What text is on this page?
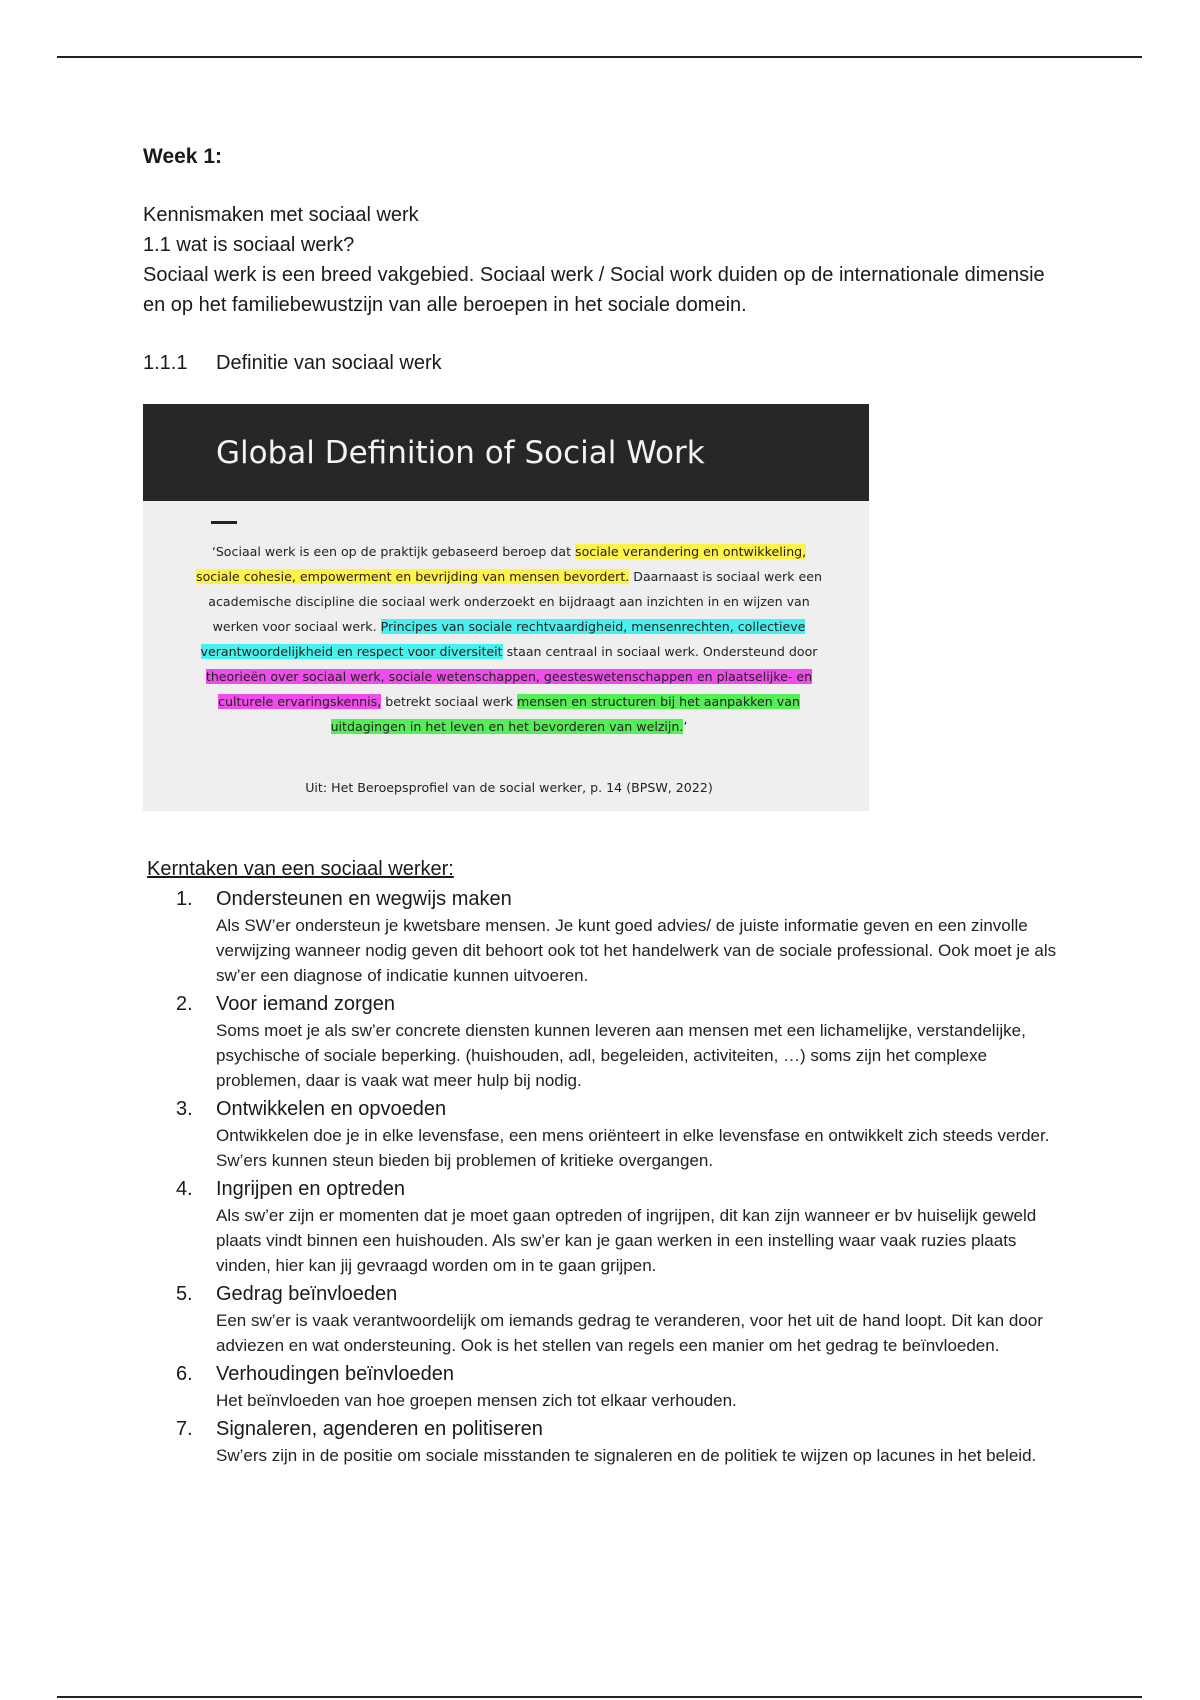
Week 1:

Kennismaken met sociaal werk

1.1 wat is sociaal werk?

Sociaal werk is een breed vakgebied. Sociaal werk / Social work duiden op de internationale dimensie en op het familiebewustzijn van alle beroepen in het sociale domein.

1.1.1	Definitie van sociaal werk
Global Definition of Social Work
‘Sociaal werk is een op de praktijk gebaseerd beroep dat sociale verandering en ontwikkeling, sociale cohesie, empowerment en bevrijding van mensen bevordert. Daarnaast is sociaal werk een academische discipline die sociaal werk onderzoekt en bijdraagt aan inzichten in en wijzen van werken voor sociaal werk. Principes van sociale rechtvaardigheid, mensenrechten, collectieve verantwoordelijkheid en respect voor diversiteit staan centraal in sociaal werk. Ondersteund door theorieën over sociaal werk, sociale wetenschappen, geesteswetenschappen en plaatselijke- en culturele ervaringskennis, betrekt sociaal werk mensen en structuren bij het aanpakken van uitdagingen in het leven en het bevorderen van welzijn.’
Uit: Het Beroepsprofiel van de social werker, p. 14 (BPSW, 2022)
Kerntaken van een sociaal werker:
1.	Ondersteunen en wegwijs maken
Als SW’er ondersteun je kwetsbare mensen. Je kunt goed advies/ de juiste informatie geven en een zinvolle verwijzing wanneer nodig geven dit behoort ook tot het handelwerk van de sociale professional. Ook moet je als sw’er een diagnose of indicatie kunnen uitvoeren.
2.	Voor iemand zorgen
Soms moet je als sw’er concrete diensten kunnen leveren aan mensen met een lichamelijke, verstandelijke, psychische of sociale beperking. (huishouden, adl, begeleiden, activiteiten, …) soms zijn het complexe problemen, daar is vaak wat meer hulp bij nodig.
3.	Ontwikkelen en opvoeden
Ontwikkelen doe je in elke levensfase, een mens oriënteert in elke levensfase en ontwikkelt zich steeds verder. Sw’ers kunnen steun bieden bij problemen of kritieke overgangen.
4.	Ingrijpen en optreden
Als sw’er zijn er momenten dat je moet gaan optreden of ingrijpen, dit kan zijn wanneer er bv huiselijk geweld plaats vindt binnen een huishouden. Als sw’er kan je gaan werken in een instelling waar vaak ruzies plaats vinden, hier kan jij gevraagd worden om in te gaan grijpen.
5.	Gedrag beïnvloeden
Een sw’er is vaak verantwoordelijk om iemands gedrag te veranderen, voor het uit de hand loopt. Dit kan door adviezen en wat ondersteuning. Ook is het stellen van regels een manier om het gedrag te beïnvloeden.
6.	Verhoudingen beïnvloeden
Het beïnvloeden van hoe groepen mensen zich tot elkaar verhouden.
7.	Signaleren, agenderen en politiseren
Sw’ers zijn in de positie om sociale misstanden te signaleren en de politiek te wijzen op lacunes in het beleid.
